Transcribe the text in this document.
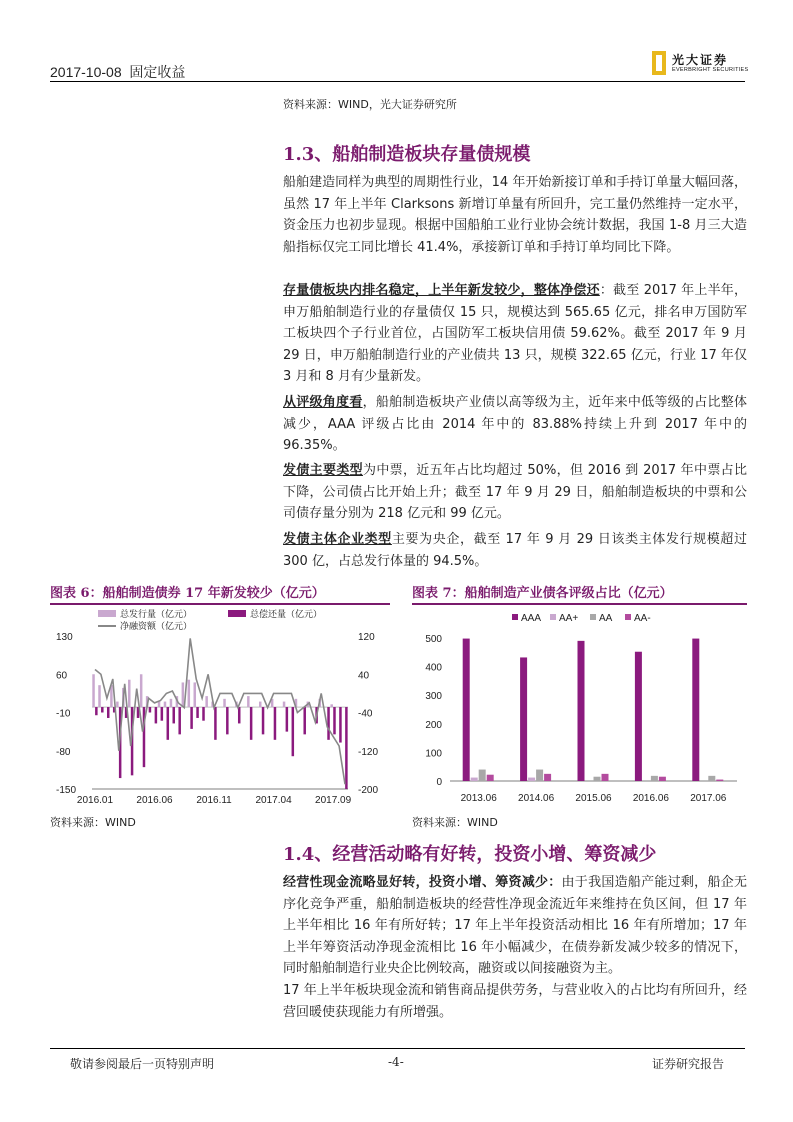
2017-10-08 固定收益
光大证券
EVERBRIGHT SECURITIES
资料来源：WIND，光大证券研究所
1.3、船舶制造板块存量债规模
船舶建造同样为典型的周期性行业，14 年开始新接订单和手持订单量大幅回落，虽然 17 年上半年 Clarksons 新增订单量有所回升，完工量仍然维持一定水平，资金压力也初步显现。根据中国船舶工业行业协会统计数据，我国 1-8 月三大造船指标仅完工同比增长 41.4%，承接新订单和手持订单均同比下降。
存量债板块内排名稳定，上半年新发较少，整体净偿还：截至 2017 年上半年，申万船舶制造行业的存量债仅 15 只，规模达到 565.65 亿元，排名申万国防军工板块四个子行业首位，占国防军工板块信用债 59.62%。截至 2017 年 9 月 29 日，申万船舶制造行业的产业债共 13 只，规模 322.65 亿元，行业 17 年仅 3 月和 8 月有少量新发。
从评级角度看，船舶制造板块产业债以高等级为主，近年来中低等级的占比整体减少，AAA 评级占比由 2014 年中的 83.88%持续上升到 2017 年中的 96.35%。
发债主要类型为中票，近五年占比均超过 50%，但 2016 到 2017 年中票占比下降，公司债占比开始上升；截至 17 年 9 月 29 日，船舶制造板块的中票和公司债存量分别为 218 亿元和 99 亿元。
发债主体企业类型主要为央企，截至 17 年 9 月 29 日该类主体发行规模超过 300 亿，占总发行体量的 94.5%。
图表 6：船舶制造债券 17 年新发较少（亿元）
总发行量（亿元）	总偿还量（亿元）
净融资额（亿元）
130
60
-10
-80
-150
120
40
-40
-120
-200
2016.01 2016.06 2016.11 2017.04 2017.09
资料来源：WIND
图表 7：船舶制造产业债各评级占比（亿元）
AAA AA+ AA AA-
0
100
200
300
400
500
2013.06 2014.06 2015.06 2016.06 2017.06
资料来源：WIND
1.4、经营活动略有好转，投资小增、筹资减少
经营性现金流略显好转，投资小增、筹资减少：由于我国造船产能过剩，船企无序化竞争严重，船舶制造板块的经营性净现金流近年来维持在负区间，但 17 年上半年相比 16 年有所好转；17 年上半年投资活动相比 16 年有所增加；17 年上半年筹资活动净现金流相比 16 年小幅减少，在债券新发减少较多的情况下，同时船舶制造行业央企比例较高，融资或以间接融资为主。
17 年上半年板块现金流和销售商品提供劳务，与营业收入的占比均有所回升，经营回暖使获现能力有所增强。
敬请参阅最后一页特别声明	-4-	证券研究报告
